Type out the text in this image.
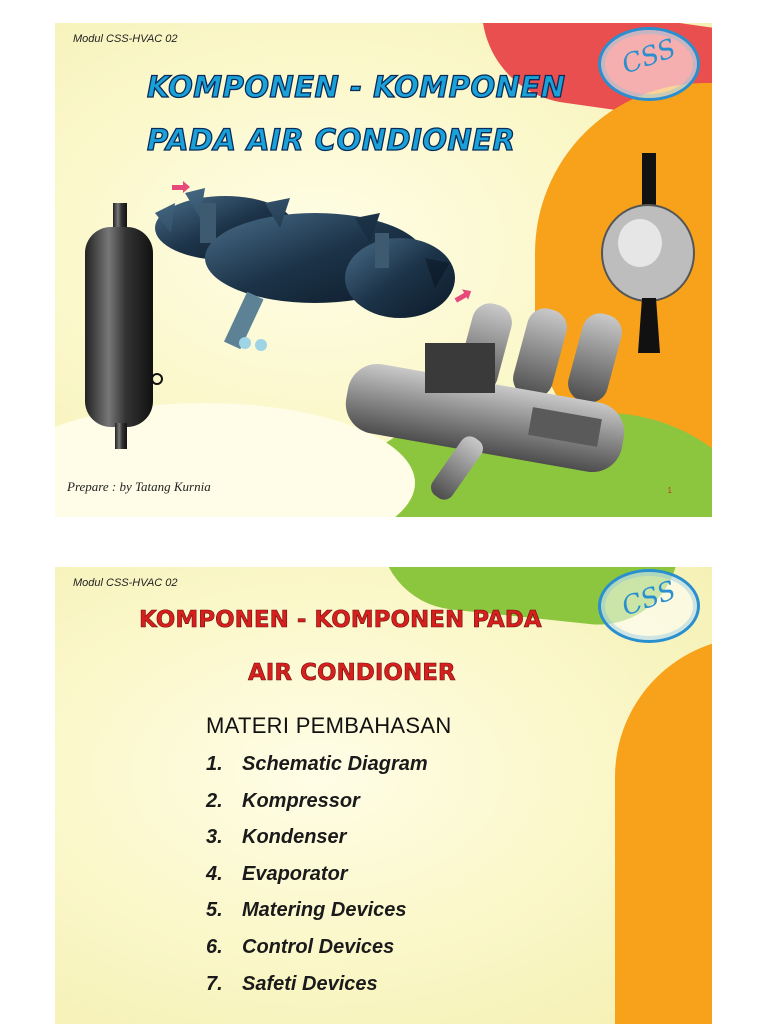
Modul CSS-HVAC 02	CSS
KOMPONEN - KOMPONEN
PADA AIR CONDIONER
Prepare : by Tatang Kurnia	1
Modul CSS-HVAC 02	CSS
KOMPONEN - KOMPONEN PADA
AIR CONDIONER
MATERI PEMBAHASAN
1. Schematic Diagram
2. Kompressor
3. Kondenser
4. Evaporator
5. Matering Devices
6. Control Devices
7. Safeti Devices
